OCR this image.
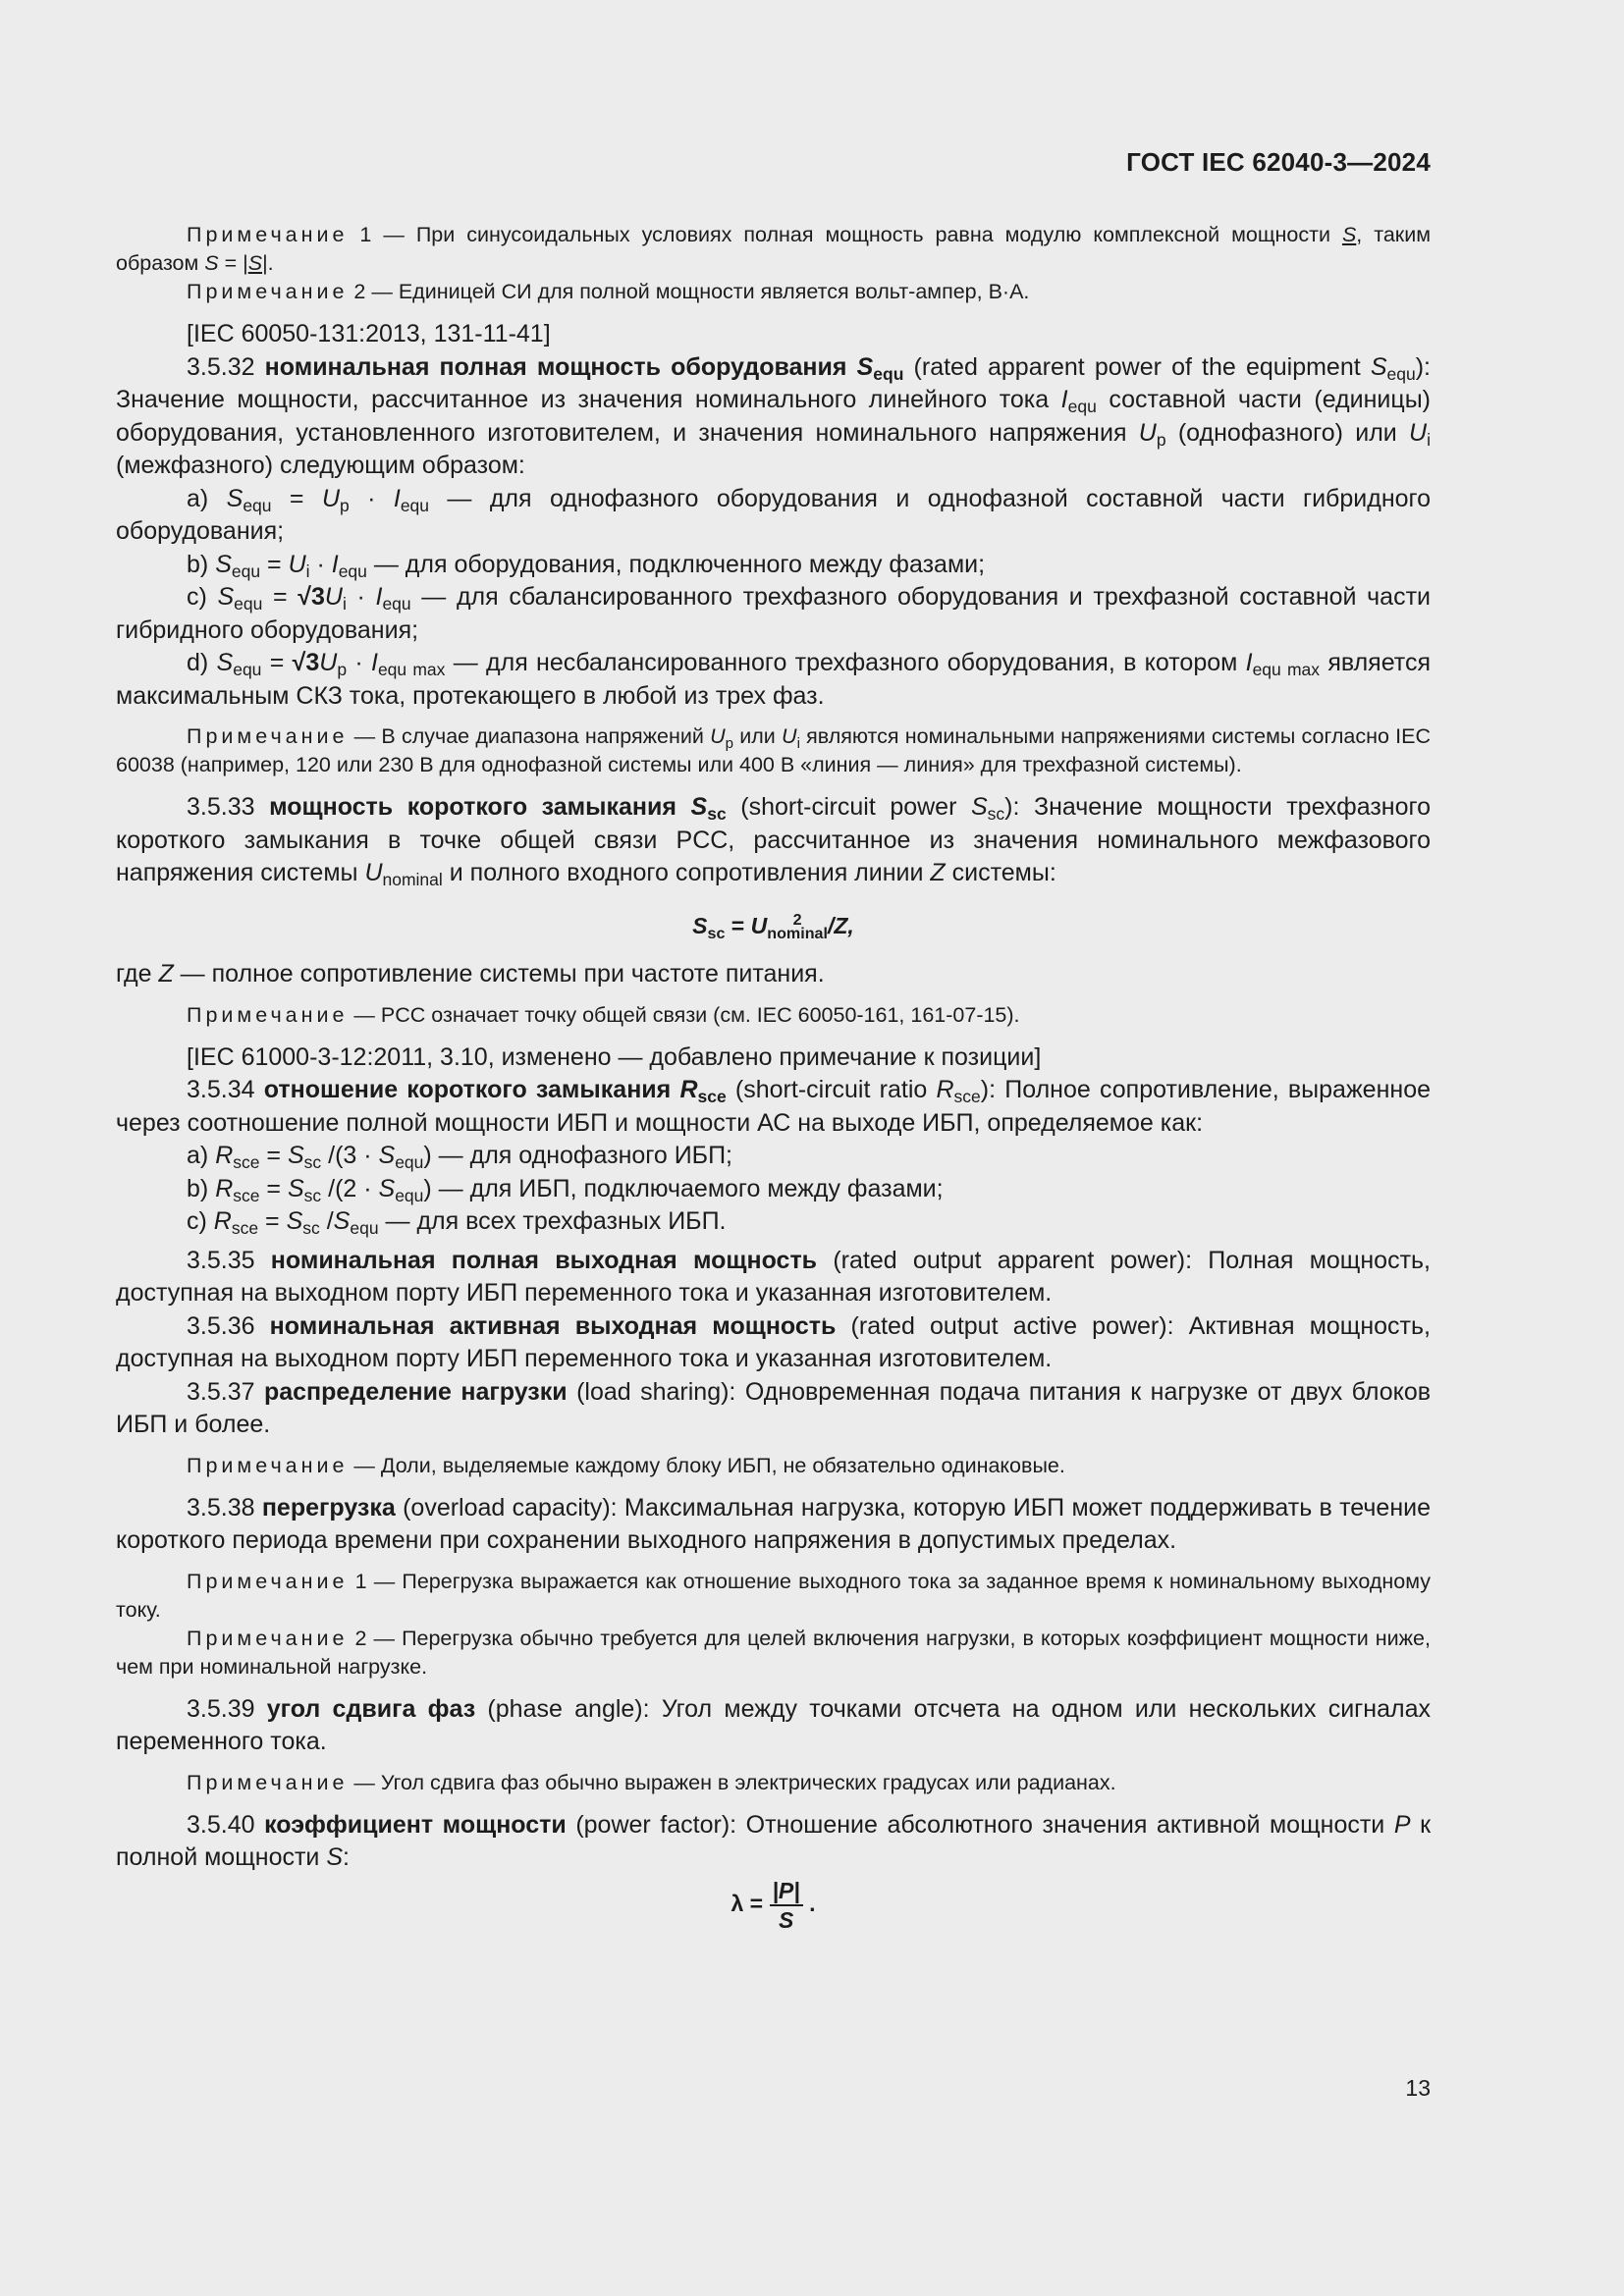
ГОСТ IEC 62040-3—2024

Примечание 1 — При синусоидальных условиях полная мощность равна модулю комплексной мощности S, таким образом S = |S|.

Примечание 2 — Единицей СИ для полной мощности является вольт-ампер, В·А.

[IEC 60050-131:2013, 131-11-41]

3.5.32 номинальная полная мощность оборудования $S_{equ}$ (rated apparent power of the equipment $S_{equ}$): Значение мощности, рассчитанное из значения номинального линейного тока $I_{equ}$ составной части (единицы) оборудования, установленного изготовителем, и значения номинального напряжения $U_p$ (однофазного) или $U_i$ (межфазного) следующим образом:

a) $S_{equ} = U_p \cdot I_{equ}$ — для однофазного оборудования и однофазной составной части гибридного оборудования;

b) $S_{equ} = U_i \cdot I_{equ}$ — для оборудования, подключенного между фазами;

c) $S_{equ} = √3U_i \cdot I_{equ}$ — для сбалансированного трехфазного оборудования и трехфазной составной части гибридного оборудования;

d) $S_{equ} = √3U_p \cdot I_{equ max}$ — для несбалансированного трехфазного оборудования, в котором $I_{equ max}$ является максимальным СКЗ тока, протекающего в любой из трех фаз.

Примечание — В случае диапазона напряжений $U_p$ или $U_i$ являются номинальными напряжениями системы согласно IEC 60038 (например, 120 или 230 В для однофазной системы или 400 В «линия — линия» для трехфазной системы).

3.5.33 мощность короткого замыкания $S_{sc}$ (short-circuit power $S_{sc}$): Значение мощности трехфазного короткого замыкания в точке общей связи PCC, рассчитанное из значения номинального межфазового напряжения системы $U_{nominal}$ и полного входного сопротивления линии Z системы:

$S_{sc} = U$	2
nominal /Z,

где Z — полное сопротивление системы при частоте питания.

Примечание — PCC означает точку общей связи (см. IEC 60050-161, 161-07-15).

[IEC 61000-3-12:2011, 3.10, изменено — добавлено примечание к позиции]

3.5.34 отношение короткого замыкания $R_{sce}$ (short-circuit ratio $R_{sce}$): Полное сопротивление, выраженное через соотношение полной мощности ИБП и мощности АС на выходе ИБП, определяемое как:

a) $R_{sce} = S_{sc}$ $/(3 \cdot S_{equ})$ — для однофазного ИБП;

b) $R_{sce} = S_{sc}$ $/(2 \cdot S_{equ})$ — для ИБП, подключаемого между фазами;

c) $R_{sce} = S_{sc}$ $/S_{equ}$ — для всех трехфазных ИБП.

3.5.35 номинальная полная выходная мощность (rated output apparent power): Полная мощность, доступная на выходном порту ИБП переменного тока и указанная изготовителем.

3.5.36 номинальная активная выходная мощность (rated output active power): Активная мощность, доступная на выходном порту ИБП переменного тока и указанная изготовителем.

3.5.37 распределение нагрузки (load sharing): Одновременная подача питания к нагрузке от двух блоков ИБП и более.

Примечание — Доли, выделяемые каждому блоку ИБП, не обязательно одинаковые.

3.5.38 перегрузка (overload capacity): Максимальная нагрузка, которую ИБП может поддерживать в течение короткого периода времени при сохранении выходного напряжения в допустимых пределах.

Примечание 1 — Перегрузка выражается как отношение выходного тока за заданное время к номинальному выходному току.

Примечание 2 — Перегрузка обычно требуется для целей включения нагрузки, в которых коэффициент мощности ниже, чем при номинальной нагрузке.

3.5.39 угол сдвига фаз (phase angle): Угол между точками отсчета на одном или нескольких сигналах переменного тока.

Примечание — Угол сдвига фаз обычно выражен в электрических градусах или радианах.

3.5.40 коэффициент мощности (power factor): Отношение абсолютного значения активной мощности P к полной мощности S:

$\lambda = \frac{|P|}{S}$ .

13
